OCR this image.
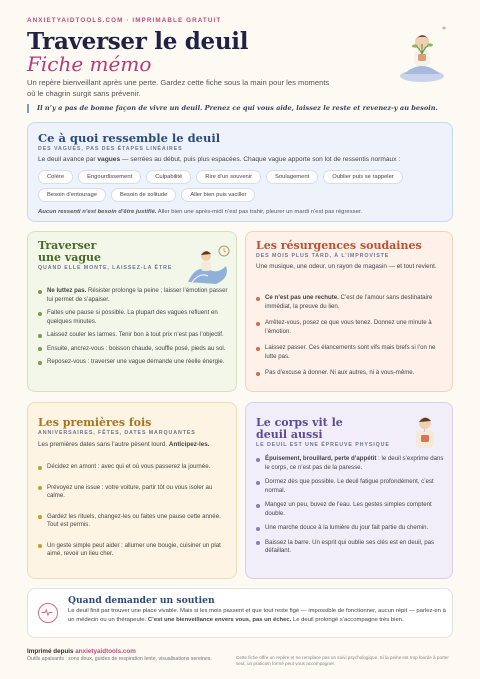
ANXIETYAIDTOOLS.COM · IMPRIMABLE GRATUIT
Traverser le deuil
Fiche mémo
Un repère bienveillant après une perte. Gardez cette fiche sous la main pour les moments où le chagrin surgit sans prévenir.
Il n’y a pas de bonne façon de vivre un deuil. Prenez ce qui vous aide, laissez le reste et revenez-y au besoin.
Ce à quoi ressemble le deuil
DES VAGUES, PAS DES ÉTAPES LINÉAIRES
Le deuil avance par vagues — serrées au début, puis plus espacées. Chaque vague apporte son lot de ressentis normaux :
Colère	Engourdissement	Culpabilité	Rire d’un souvenir	Soulagement	Oublier puis se rappeler
Besoin d’entourage	Besoin de solitude	Aller bien puis vaciller
Aucun ressenti n’est besoin d’être justifié. Aller bien une après-midi n’est pas trahir, pleurer un mardi n’est pas régresser.
Traverser
une vague
QUAND ELLE MONTE, LAISSEZ-LA ÊTRE
Ne luttez pas. Résister prolonge la peine ; laisser l’émotion passer lui permet de s’apaiser.
Faites une pause si possible. La plupart des vagues refluent en quelques minutes.
Laissez couler les larmes. Tenir bon à tout prix n’est pas l’objectif.
Ensuite, ancrez-vous : boisson chaude, souffle posé, pieds au sol.
Reposez-vous : traverser une vague demande une réelle énergie.
Les résurgences soudaines
DES MOIS PLUS TARD, À L’IMPROVISTE
Une musique, une odeur, un rayon de magasin — et tout revient.
Ce n’est pas une rechute. C’est de l’amour sans destinataire immédiat, la preuve du lien.
Arrêtez-vous, posez ce que vous tenez. Donnez une minute à l’émotion.
Laissez passer. Ces élancements sont vifs mais brefs si l’on ne lutte pas.
Pas d’excuse à donner. Ni aux autres, ni à vous-même.
Les premières fois
ANNIVERSAIRES, FÊTES, DATES MARQUANTES
Les premières dates sans l’autre pèsent lourd. Anticipez-les.
Décidez en amont : avec qui et où vous passerez la journée.
Prévoyez une issue : votre voiture, partir tôt ou vous isoler au calme.
Gardez les rituels, changez-les ou faites une pause cette année. Tout est permis.
Un geste simple peut aider : allumer une bougie, cuisiner un plat aimé, revoir un lieu cher.
Le corps vit le
deuil aussi
LE DEUIL EST UNE ÉPREUVE PHYSIQUE
Épuisement, brouillard, perte d’appétit : le deuil s’exprime dans le corps, ce n’est pas de la paresse.
Dormez dès que possible. Le deuil fatigue profondément, c’est normal.
Mangez un peu, buvez de l’eau. Les gestes simples comptent double.
Une marche douce à la lumière du jour fait partie du chemin.
Baissez la barre. Un esprit qui oublie ses clés est en deuil, pas défaillant.
Quand demander un soutien

Le deuil finit par trouver une place vivable. Mais si les mois passent et que tout reste figé — impossible de fonctionner, aucun répit — parlez-en à un médecin ou un thérapeute. C’est une bienveillance envers vous, pas un échec. Le deuil prolongé s’accompagne très bien.

Imprimé depuis anxietyaidtools.com
Outils apaisants : sons doux, guides de respiration lente, visualisations sereines.	Cette fiche offre un repère et ne remplace pas un suivi psychologique. Si la peine est trop lourde à porter seul, un praticien formé peut vous accompagner.
